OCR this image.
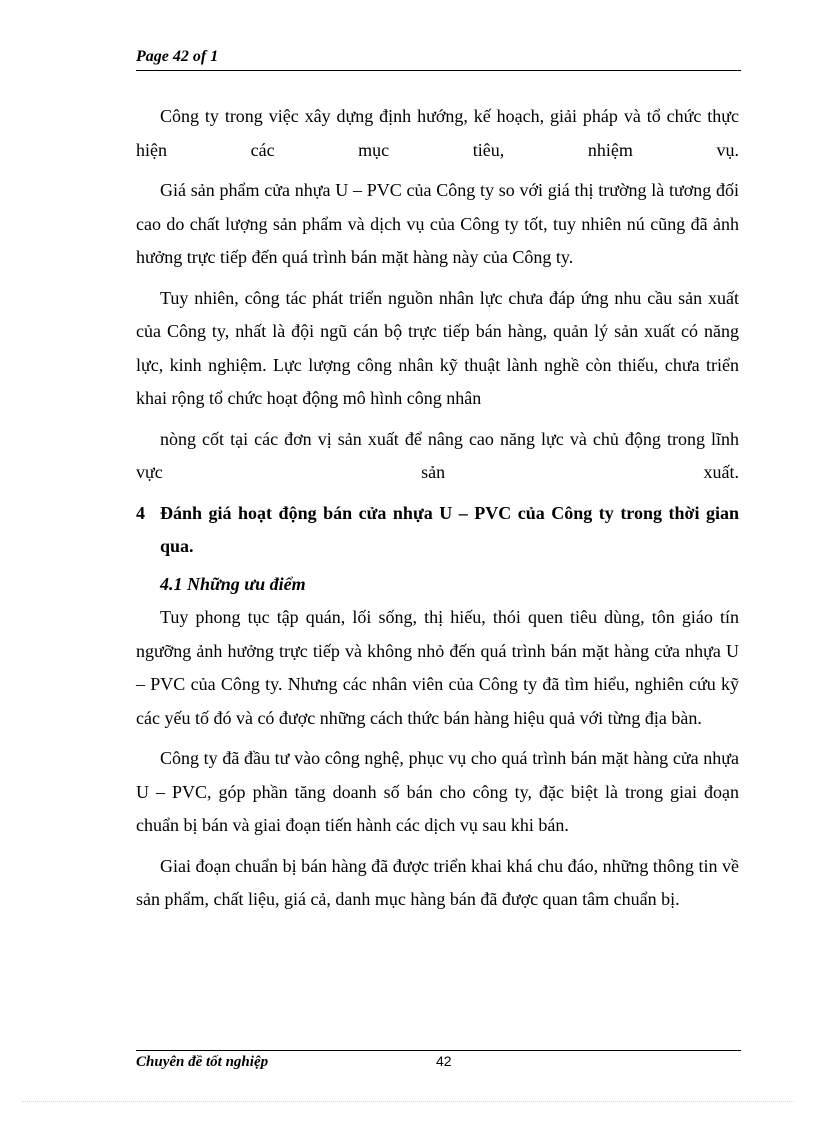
Page 42 of 1

Công ty trong việc xây dựng định hướng, kế hoạch, giải pháp và tổ chức thực hiện các mục tiêu, nhiệm vụ.

Giá sản phẩm cửa nhựa U – PVC của Công ty so với giá thị trường là tương đối cao do chất lượng sản phẩm và dịch vụ của Công ty tốt, tuy nhiên nú cũng đã ảnh hưởng trực tiếp đến quá trình bán mặt hàng này của Công ty.

Tuy nhiên, công tác phát triển nguồn nhân lực chưa đáp ứng nhu cầu sản xuất của Công ty, nhất là đội ngũ cán bộ trực tiếp bán hàng, quản lý sản xuất có năng lực, kinh nghiệm. Lực lượng công nhân kỹ thuật lành nghề còn thiếu, chưa triển khai rộng tổ chức hoạt động mô hình công nhân

nòng cốt tại các đơn vị sản xuất để nâng cao năng lực và chủ động trong lĩnh vực sản xuất.

4 Đánh giá hoạt động bán cửa nhựa U – PVC của Công ty trong thời gian qua.
4.1 Những ưu điểm

Tuy phong tục tập quán, lối sống, thị hiếu, thói quen tiêu dùng, tôn giáo tín ngưỡng ảnh hưởng trực tiếp và không nhỏ đến quá trình bán mặt hàng cửa nhựa U – PVC của Công ty. Nhưng các nhân viên của Công ty đã tìm hiểu, nghiên cứu kỹ các yếu tố đó và có được những cách thức bán hàng hiệu quả với từng địa bàn.

Công ty đã đầu tư vào công nghệ, phục vụ cho quá trình bán mặt hàng cửa nhựa U – PVC, góp phần tăng doanh số bán cho công ty, đặc biệt là trong giai đoạn chuẩn bị bán và giai đoạn tiến hành các dịch vụ sau khi bán.

Giai đoạn chuẩn bị bán hàng đã được triển khai khá chu đáo, những thông tin về sản phẩm, chất liệu, giá cả, danh mục hàng bán đã được quan tâm chuẩn bị.

Chuyên đề tốt nghiệp	42
